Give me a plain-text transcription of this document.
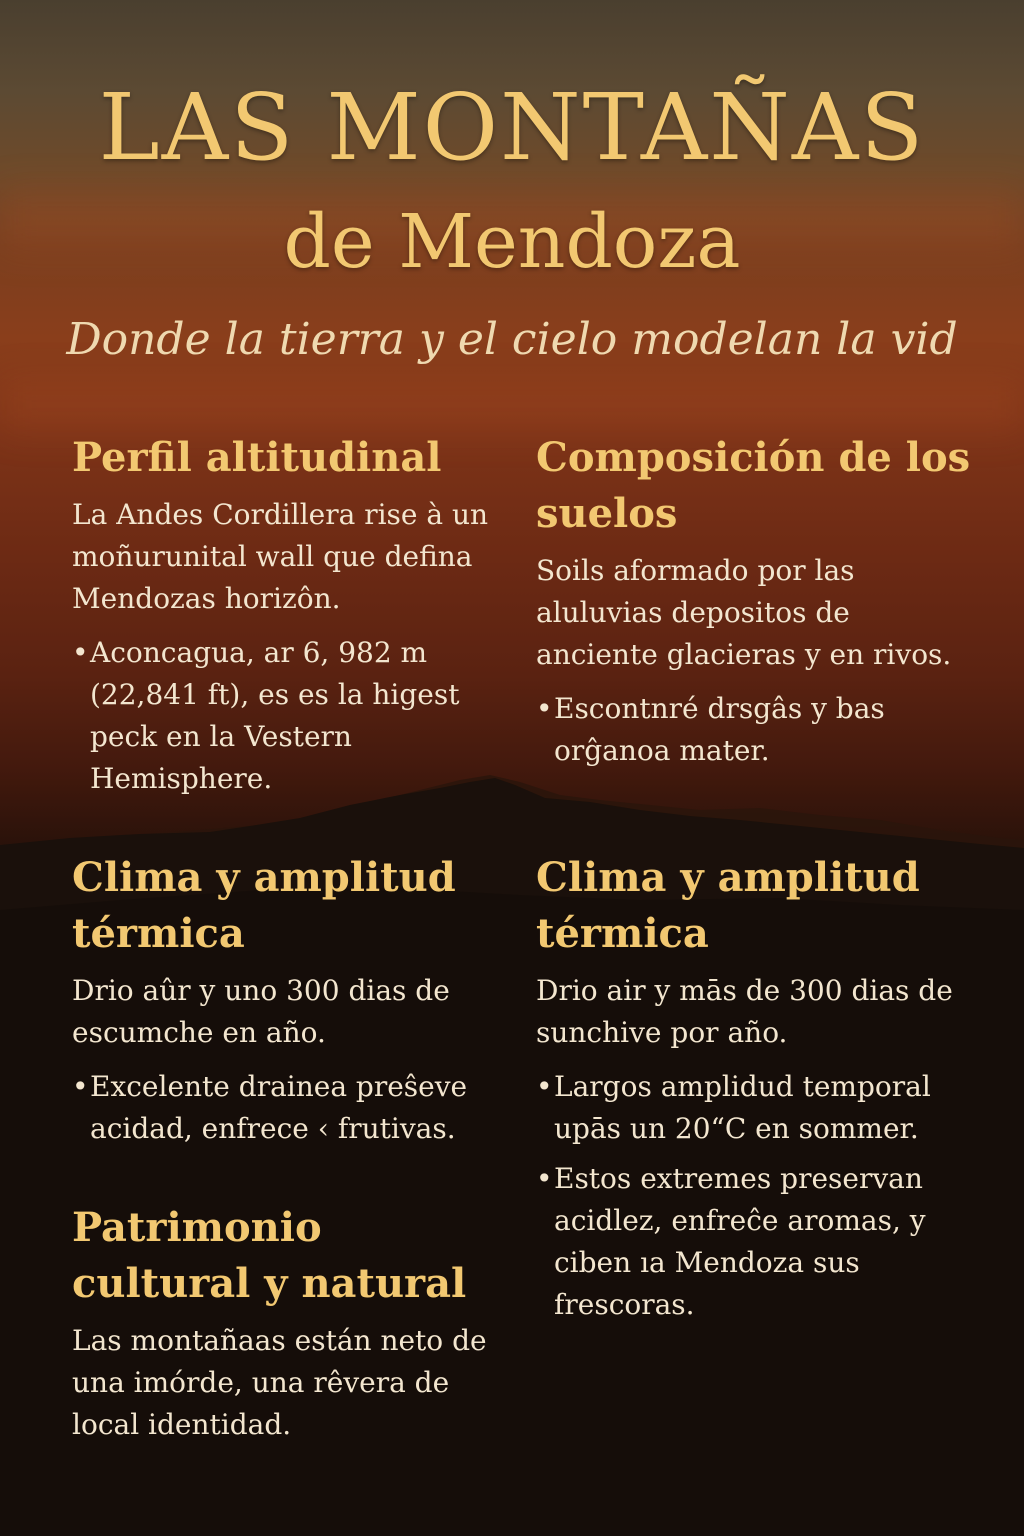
LAS MONTAÑAS
de Mendoza

Donde la tierra y el cielo modelan la vid

Perfil altitudinal

La Andes Cordillera rise à un moñurunital wall que defina Mendozas horizôn.

• Aconcagua, ar 6, 982 m (22,841 ft), es es la higest peck en la Vestern Hemisphere.
Composición de los suelos

Soils aformado por las aluluvias depositos de anciente glacieras y en rivos.

• Escontnré drsgâs y bas orĝanoa mater.
Clima y amplitud térmica

Drio aûr y uno 300 dias de escumche en año.

• Excelente drainea preŝeve acidad, enfrece ‹ frutivas.
Clima y amplitud térmica

Drio air y mās de 300 dias de sunchive por año.

• Largos amplidud temporal upās un 20“C en sommer.
• Estos extremes preservan acidlez, enfreĉe aromas, y ciben ıa Mendoza sus frescoras.
Patrimonio cultural y natural

Las montañaas están neto de una imórde, una rêvera de local identidad.
